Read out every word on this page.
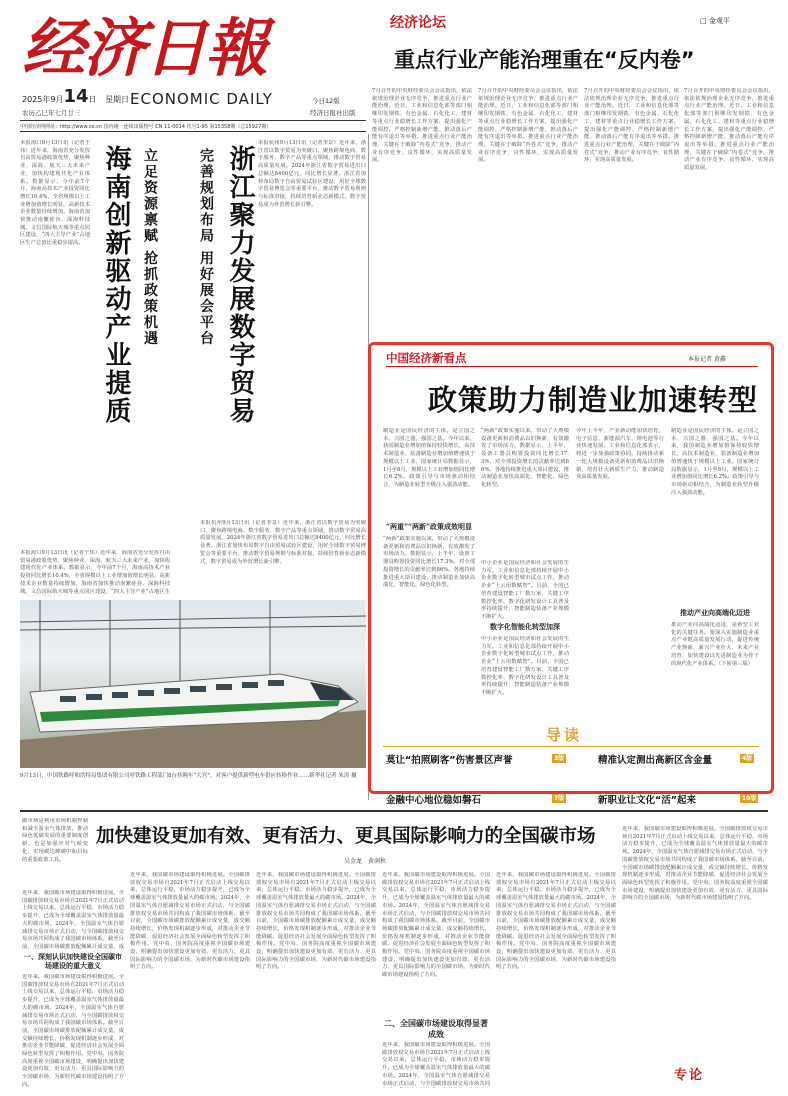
经济日報
2025年9月14日 星期日
农历乙巳年七月廿三
ECONOMIC DAILY	今日12版
经济日报社出版
中国经济网网址：http://www.ce.cn 国内统一连续出版物号 CN 11-0014 代号1-95 第15358期（总15927期）
经济论坛	□ 金观平
重点行业产能治理重在“反内卷”
7月召开的中央财经委员会会议指出，依法依规治理企业无序竞争，推进重点行业产能治理。近日，工业和信息化部等部门相继印发钢铁、有色金属、石化化工、建材等重点行业稳增长工作方案，提出强化产能调控、严格控制新增产能、推动落后产能有序退出等举措。推进重点行业产能治理，关键在于破除“内卷式”竞争，推动产业有序竞争、良性循环，实现高质量发展。
7月召开的中央财经委员会会议指出，依法依规治理企业无序竞争，推进重点行业产能治理。近日，工业和信息化部等部门相继印发钢铁、有色金属、石化化工、建材等重点行业稳增长工作方案，提出强化产能调控、严格控制新增产能、推动落后产能有序退出等举措。推进重点行业产能治理，关键在于破除“内卷式”竞争，推动产业有序竞争、良性循环，实现高质量发展。
7月召开的中央财经委员会会议指出，依法依规治理企业无序竞争，推进重点行业产能治理。近日，工业和信息化部等部门相继印发钢铁、有色金属、石化化工、建材等重点行业稳增长工作方案，提出强化产能调控、严格控制新增产能、推动落后产能有序退出等举措。推进重点行业产能治理，关键在于破除“内卷式”竞争，推动产业有序竞争、良性循环，实现高质量发展。
7月召开的中央财经委员会会议指出，依法依规治理企业无序竞争，推进重点行业产能治理。近日，工业和信息化部等部门相继印发钢铁、有色金属、石化化工、建材等重点行业稳增长工作方案，提出强化产能调控、严格控制新增产能、推动落后产能有序退出等举措。推进重点行业产能治理，关键在于破除“内卷式”竞争，推动产业有序竞争、良性循环，实现高质量发展。
本报海口9月13日讯（记者王伟）近年来，海南省充分发挥自由贸易港政策优势，聚焦种业、深海、航天三大未来产业，加快构建现代化产业体系。数据显示，今年前7个月，海南高技术产业投资同比增长10.4%，全省规模以上工业增加值增长明显，高新技术企业数量持续增加。海南省加快推动南繁硅谷、深海科技城、文昌国际航天城等重点园区建设，“四大主导产业”占地区生产总值比重稳步提高。 海南创新驱动产业提质 立足资源禀赋 抢抓政策机遇
本报海口9月13日讯（记者王伟）近年来，海南省充分发挥自由贸易港政策优势，聚焦种业、深海、航天三大未来产业，加快构建现代化产业体系。数据显示，今年前7个月，海南高技术产业投资同比增长10.4%，全省规模以上工业增加值增长明显，高新技术企业数量持续增加。海南省加快推动南繁硅谷、深海科技城、文昌国际航天城等重点园区建设，“四大主导产业”占地区生
完善规划布局 用好展会平台 浙江聚力发展数字贸易
本报杭州9月13日讯（记者李景）近年来，浙江省以数字贸易为突破口，聚焦跨境电商、数字服务、数字产品等重点领域，推动数字贸易高质量发展。2024年浙江省数字贸易进出口总额达8400亿元，同比增长显著。浙江省加快布局数字自由贸易试验区建设，用好全球数字贸易博览会等重要平台，推动数字贸易规则与标准对接，持续培育新业态新模式，数字贸易成为外贸增长新引擎。
本报杭州9月13日讯（记者李景）近年来，浙江省以数字贸易为突破口，聚焦跨境电商、数字服务、数字产品等重点领域，推动数字贸易高质量发展。2024年浙江省数字贸易进出口总额达8400亿元，同比增长显著。浙江省加快布局数字自由贸易试验区建设，用好全球数字贸易博览会等重要平台，推动数字贸易规则与标准对接，持续培育新业态新模式，数字贸易成为外贸增长新引擎。
9月13日，中国铁路呼和浩特局集团有限公司呼铁路工程部门8台挂绳车“大宫”，对客户提供新型电车供应转换作业……新华社记者 朱涛 摄
中国经济新看点	本报记者 黄鑫
政策助力制造业加速转型
制造业是国民经济的主体，是立国之本、兴国之器、强国之基。今年以来，我国制造业增加值保持较快增长，高技术制造业、装备制造业增加值增速快于规模以上工业。国家统计局数据显示，1月至8月，规模以上工业增加值同比增长6.2%。政策引导与市场驱动相结合，为制造业转型升级注入强劲动能。
“两重”“两新”政策成效明显
“两新”政策实施以来，带动了大规模设备更新和消费品以旧换新，有效激发了市场活力。数据显示，上半年，设备工器具购置投资同比增长17.3%，对全部投资增长的贡献率达到86%。各地持续推进重大项目建设，推动制造业加快高端化、智能化、绿色化转型。
“两新”政策实施以来，带动了大规模设备更新和消费品以旧换新，有效激发了市场活力。数据显示，上半年，设备工器具购置投资同比增长17.3%，对全部投资增长的贡献率达到86%。各地持续推进重大项目建设，推动制造业加快高端化、智能化、绿色化转型。
中小企业是国民经济和社会发展的生力军。工业和信息化部持续开展中小企业数字化转型城市试点工作，推动企业“上云用数赋智”。目前，全国已培育建设智能工厂数万家，关键工序数控化率、数字化研发设计工具普及率持续提升，智能制造装备产业规模不断扩大。
数字化智能化转型加深
中小企业是国民经济和社会发展的生力军。工业和信息化部持续开展中小企业数字化转型城市试点工作，推动企业“上云用数赋智”。目前，全国已培育建设智能工厂数万家，关键工序数控化率、数字化研发设计工具普及率持续提升，智能制造装备产业规模不断扩大。
今年上半年，产业新动能加快培育，电子信息、新能源汽车、锂电池等行业快速发展。工业和信息化部表示，将进一步加强政策协同，持续推动新一轮大规模设备更新和消费品以旧换新，培育壮大新质生产力，推动制造业高质量发展。
制造业是国民经济的主体，是立国之本、兴国之器、强国之基。今年以来，我国制造业增加值保持较快增长，高技术制造业、装备制造业增加值增速快于规模以上工业。国家统计局数据显示，1月至8月，规模以上工业增加值同比增长6.2%。政策引导与市场驱动相结合，为制造业转型升级注入强劲动能。
推动产业向高端化迈进
推动产业向高端化迈进，是新型工业化的关键任务。要深入实施制造业重点产业链高质量发展行动，促进传统产业焕新、新兴产业壮大、未来产业培育，加快建设以先进制造业为骨干的现代化产业体系。（下转第三版）
导读
莫让“拍照刷客”伤害景区声誉	3版	精准认定测出高新区含金量	4版
金融中心地位稳如磐石	7版	新职业让文化“活”起来	10版
碳市场是利用市场机制控制和减少温室气体排放、推动绿色低碳发展的重要制度创新，也是加强应对气候变化、实现碳达峰碳中和目标的重要政策工具。
加快建设更加有效、更有活力、更具国际影响力的全国碳市场
吴金龙　黄润秋
近年来，我国碳市场建设取得积极进展。全国碳排放权交易市场自2021年7月正式启动上线交易以来，总体运行平稳，市场活力稳步提升，已成为全球覆盖温室气体排放量最大的碳市场。2024年，全国温室气体自愿减排交易市场正式启动，与全国碳排放权交易市场共同构成了我国碳市场体系。截至目前，全国碳市场碳排放配额累计成交量、成
一、深刻认识加快建设全国碳市场建设的重大意义
近年来，我国碳市场建设取得积极进展。全国碳排放权交易市场自2021年7月正式启动上线交易以来，总体运行平稳，市场活力稳步提升，已成为全球覆盖温室气体排放量最大的碳市场。2024年，全国温室气体自愿减排交易市场正式启动，与全国碳排放权交易市场共同构成了我国碳市场体系。截至目前，全国碳市场碳排放配额累计成交量、成交额持续增长，价格发现机制逐步形成，对推动企业节能降碳、促进经济社会发展全面绿色转型发挥了积极作用。党中央、国务院高度重视全国碳市场建设，明确提出加快建设更加有效、更有活力、更具国际影响力的全国碳市场，为新时代碳市场建设指明了方向。
近年来，我国碳市场建设取得积极进展。全国碳排放权交易市场自2021年7月正式启动上线交易以来，总体运行平稳，市场活力稳步提升，已成为全球覆盖温室气体排放量最大的碳市场。2024年，全国温室气体自愿减排交易市场正式启动，与全国碳排放权交易市场共同构成了我国碳市场体系。截至目前，全国碳市场碳排放配额累计成交量、成交额持续增长，价格发现机制逐步形成，对推动企业节能降碳、促进经济社会发展全面绿色转型发挥了积极作用。党中央、国务院高度重视全国碳市场建设，明确提出加快建设更加有效、更有活力、更具国际影响力的全国碳市场，为新时代碳市场建设指明了方向。
近年来，我国碳市场建设取得积极进展。全国碳排放权交易市场自2021年7月正式启动上线交易以来，总体运行平稳，市场活力稳步提升，已成为全球覆盖温室气体排放量最大的碳市场。2024年，全国温室气体自愿减排交易市场正式启动，与全国碳排放权交易市场共同构成了我国碳市场体系。截至目前，全国碳市场碳排放配额累计成交量、成交额持续增长，价格发现机制逐步形成，对推动企业节能降碳、促进经济社会发展全面绿色转型发挥了积极作用。党中央、国务院高度重视全国碳市场建设，明确提出加快建设更加有效、更有活力、更具国际影响力的全国碳市场，为新时代碳市场建设指明了方向。
近年来，我国碳市场建设取得积极进展。全国碳排放权交易市场自2021年7月正式启动上线交易以来，总体运行平稳，市场活力稳步提升，已成为全球覆盖温室气体排放量最大的碳市场。2024年，全国温室气体自愿减排交易市场正式启动，与全国碳排放权交易市场共同构成了我国碳市场体系。截至目前，全国碳市场碳排放配额累计成交量、成交额持续增长，价格发现机制逐步形成，对推动企业节能降碳、促进经济社会发展全面绿色转型发挥了积极作用。党中央、国务院高度重视全国碳市场建设，明确提出加快建设更加有效、更有活力、更具国际影响力的全国碳市场，为新时代碳市场建设指明了方向。
二、全国碳市场建设取得显著成效
近年来，我国碳市场建设取得积极进展。全国碳排放权交易市场自2021年7月正式启动上线交易以来，总体运行平稳，市场活力稳步提升，已成为全球覆盖温室气体排放量最大的碳市场。2024年，全国温室气体自愿减排交易市场正式启动，与全国碳排放权交易市场共同
近年来，我国碳市场建设取得积极进展。全国碳排放权交易市场自2021年7月正式启动上线交易以来，总体运行平稳，市场活力稳步提升，已成为全球覆盖温室气体排放量最大的碳市场。2024年，全国温室气体自愿减排交易市场正式启动，与全国碳排放权交易市场共同构成了我国碳市场体系。截至目前，全国碳市场碳排放配额累计成交量、成交额持续增长，价格发现机制逐步形成，对推动企业节能降碳、促进经济社会发展全面绿色转型发挥了积极作用。党中央、国务院高度重视全国碳市场建设，明确提出加快建设更加有效、更有活力、更具国际影响力的全国碳市场，为新时代碳市场建设指明了方向。
近年来，我国碳市场建设取得积极进展。全国碳排放权交易市场自2021年7月正式启动上线交易以来，总体运行平稳，市场活力稳步提升，已成为全球覆盖温室气体排放量最大的碳市场。2024年，全国温室气体自愿减排交易市场正式启动，与全国碳排放权交易市场共同构成了我国碳市场体系。截至目前，全国碳市场碳排放配额累计成交量、成交额持续增长，价格发现机制逐步形成，对推动企业节能降碳、促进经济社会发展全面绿色转型发挥了积极作用。党中央、国务院高度重视全国碳市场建设，明确提出加快建设更加有效、更有活力、更具国际影响力的全国碳市场，为新时代碳市场建设指明了方向。
专论
